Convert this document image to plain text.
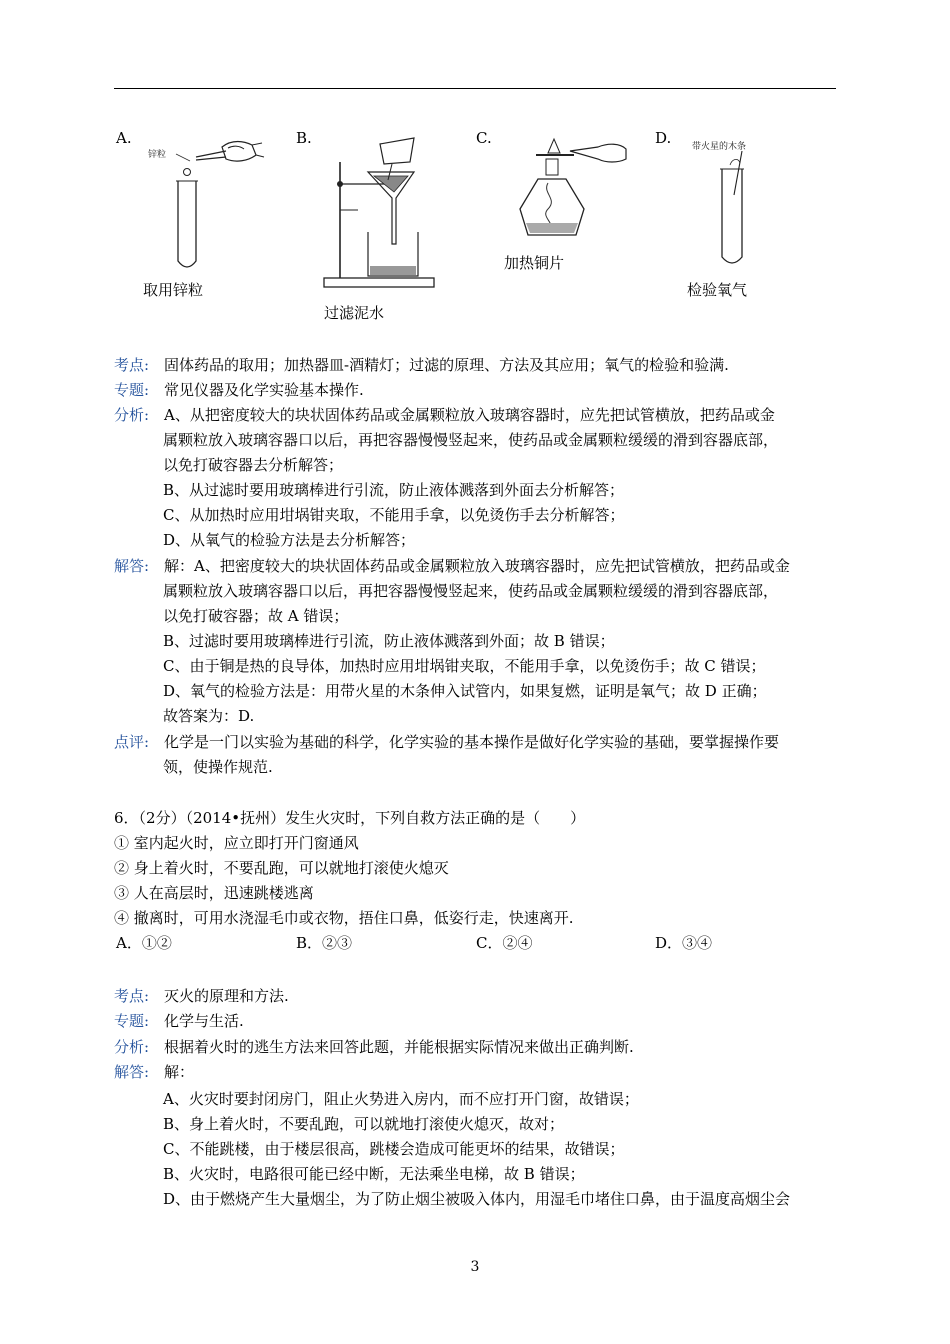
A.	B.	C.	D.
锌粒
取用锌粒
过滤泥水
加热铜片
带火星的木条
检验氧气
考点: 固体药品的取用；加热器皿-酒精灯；过滤的原理、方法及其应用；氧气的检验和验满.
专题: 常见仪器及化学实验基本操作.
分析: A、从把密度较大的块状固体药品或金属颗粒放入玻璃容器时，应先把试管横放，把药品或金
属颗粒放入玻璃容器口以后，再把容器慢慢竖起来，使药品或金属颗粒缓缓的滑到容器底部，
以免打破容器去分析解答；
B、从过滤时要用玻璃棒进行引流，防止液体溅落到外面去分析解答；
C、从加热时应用坩埚钳夹取，不能用手拿，以免烫伤手去分析解答；
D、从氧气的检验方法是去分析解答；
解答: 解：A、把密度较大的块状固体药品或金属颗粒放入玻璃容器时，应先把试管横放，把药品或金
属颗粒放入玻璃容器口以后，再把容器慢慢竖起来，使药品或金属颗粒缓缓的滑到容器底部，
以免打破容器；故 A 错误；
B、过滤时要用玻璃棒进行引流，防止液体溅落到外面；故 B 错误；
C、由于铜是热的良导体，加热时应用坩埚钳夹取，不能用手拿，以免烫伤手；故 C 错误；
D、氧气的检验方法是：用带火星的木条伸入试管内，如果复燃，证明是氧气；故 D 正确；
故答案为：D.
点评: 化学是一门以实验为基础的科学，化学实验的基本操作是做好化学实验的基础，要掌握操作要
领，使操作规范.
6．（2分）（2014•抚州）发生火灾时，下列自救方法正确的是（　　）
① 室内起火时，应立即打开门窗通风
② 身上着火时，不要乱跑，可以就地打滚使火熄灭
③ 人在高层时，迅速跳楼逃离
④ 撤离时，可用水浇湿毛巾或衣物，捂住口鼻，低姿行走，快速离开.
A．①②	B．②③	C．②④	D．③④
考点: 灭火的原理和方法.
专题: 化学与生活.
分析: 根据着火时的逃生方法来回答此题，并能根据实际情况来做出正确判断.
解答: 解：
A、火灾时要封闭房门，阻止火势进入房内，而不应打开门窗，故错误；
B、身上着火时，不要乱跑，可以就地打滚使火熄灭，故对；
C、不能跳楼，由于楼层很高，跳楼会造成可能更坏的结果，故错误；
B、火灾时，电路很可能已经中断，无法乘坐电梯，故 B 错误；
D、由于燃烧产生大量烟尘，为了防止烟尘被吸入体内，用湿毛巾堵住口鼻，由于温度高烟尘会
3
